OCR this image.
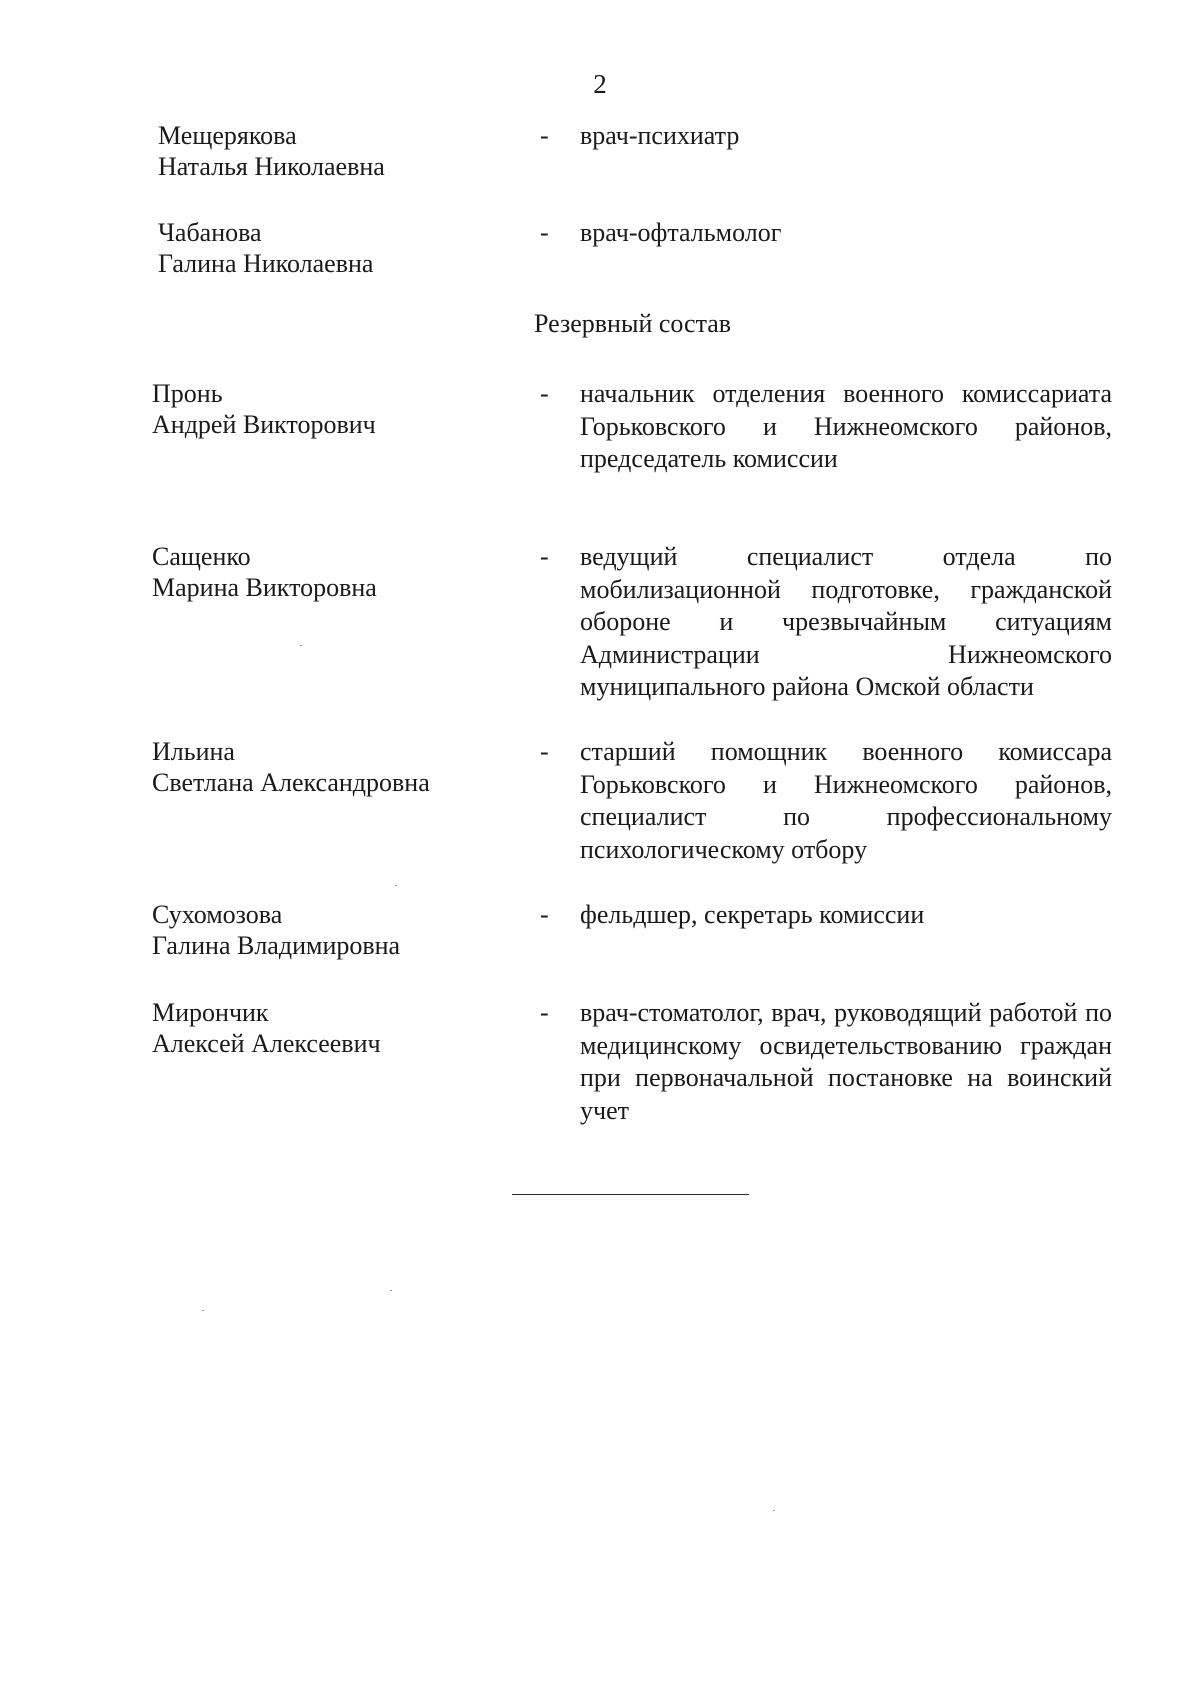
2
Мещерякова
Наталья Николаевна
- врач-психиатр
Чабанова
Галина Николаевна
- врач-офтальмолог
Резервный состав
Пронь
Андрей Викторович
- начальник отделения военного комиссариата Горьковского и Нижнеомского районов, председатель комиссии
Сащенко
Марина Викторовна
- ведущий специалист отдела по мобилизационной подготовке, гражданской обороне и чрезвычайным ситуациям Администрации Нижнеомского муниципального района Омской области
Ильина
Светлана Александровна
- старший помощник военного комиссара Горьковского и Нижнеомского районов, специалист по профессиональному психологическому отбору
Сухомозова
Галина Владимировна
- фельдшер, секретарь комиссии
Мирончик
Алексей Алексеевич
- врач-стоматолог, врач, руководящий работой по медицинскому освидетельствованию граждан при первоначальной постановке на воинский учет
